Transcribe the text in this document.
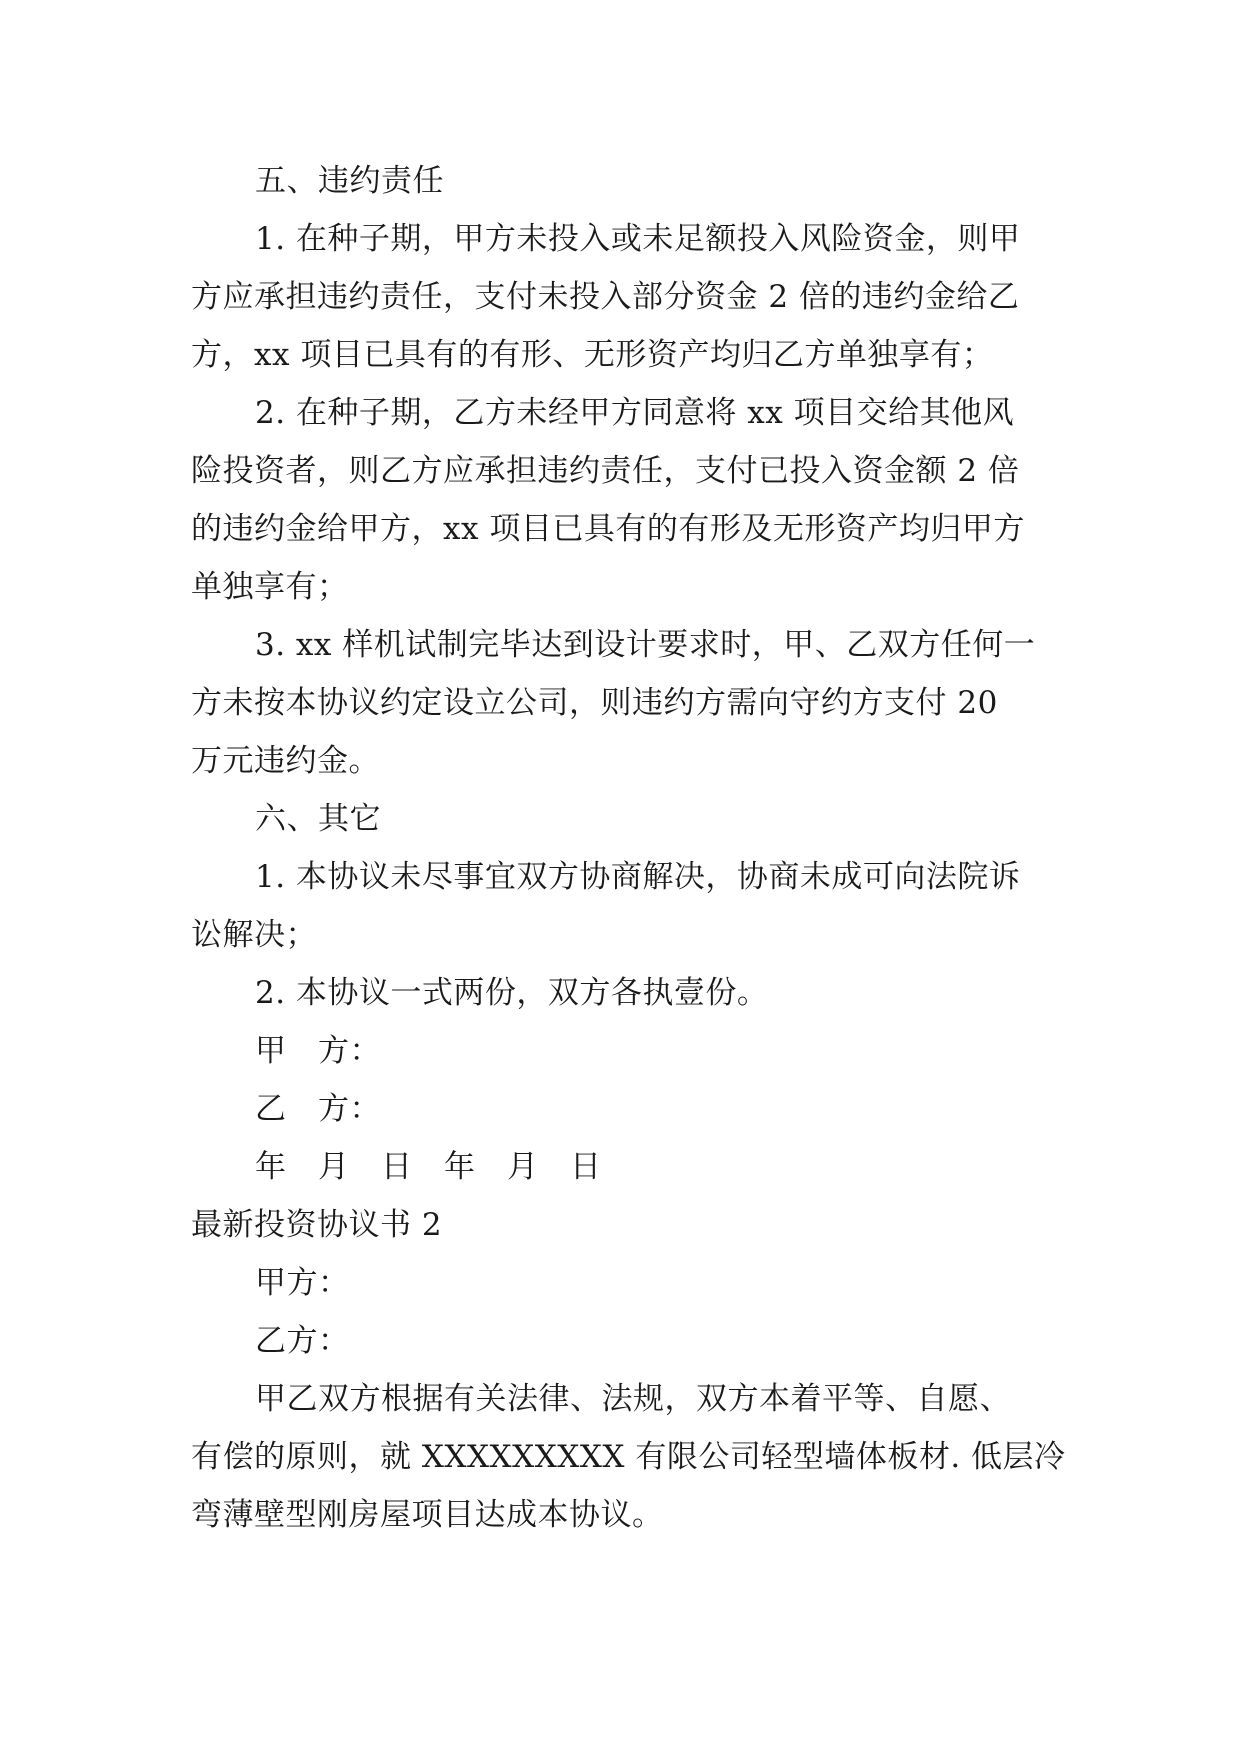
五、违约责任
1. 在种子期，甲方未投入或未足额投入风险资金，则甲
方应承担违约责任，支付未投入部分资金 2 倍的违约金给乙
方，xx 项目已具有的有形、无形资产均归乙方单独享有；
2. 在种子期，乙方未经甲方同意将 xx 项目交给其他风
险投资者，则乙方应承担违约责任，支付已投入资金额 2 倍
的违约金给甲方，xx 项目已具有的有形及无形资产均归甲方
单独享有；
3. xx 样机试制完毕达到设计要求时，甲、乙双方任何一
方未按本协议约定设立公司，则违约方需向守约方支付 20
万元违约金。
六、其它
1. 本协议未尽事宜双方协商解决，协商未成可向法院诉
讼解决；
2. 本协议一式两份，双方各执壹份。
甲　方：
乙　方：
年　月　日　年　月　日
最新投资协议书 2
甲方：
乙方：
甲乙双方根据有关法律、法规，双方本着平等、自愿、
有偿的原则，就 XXXXXXXXX 有限公司轻型墙体板材. 低层冷
弯薄壁型刚房屋项目达成本协议。
